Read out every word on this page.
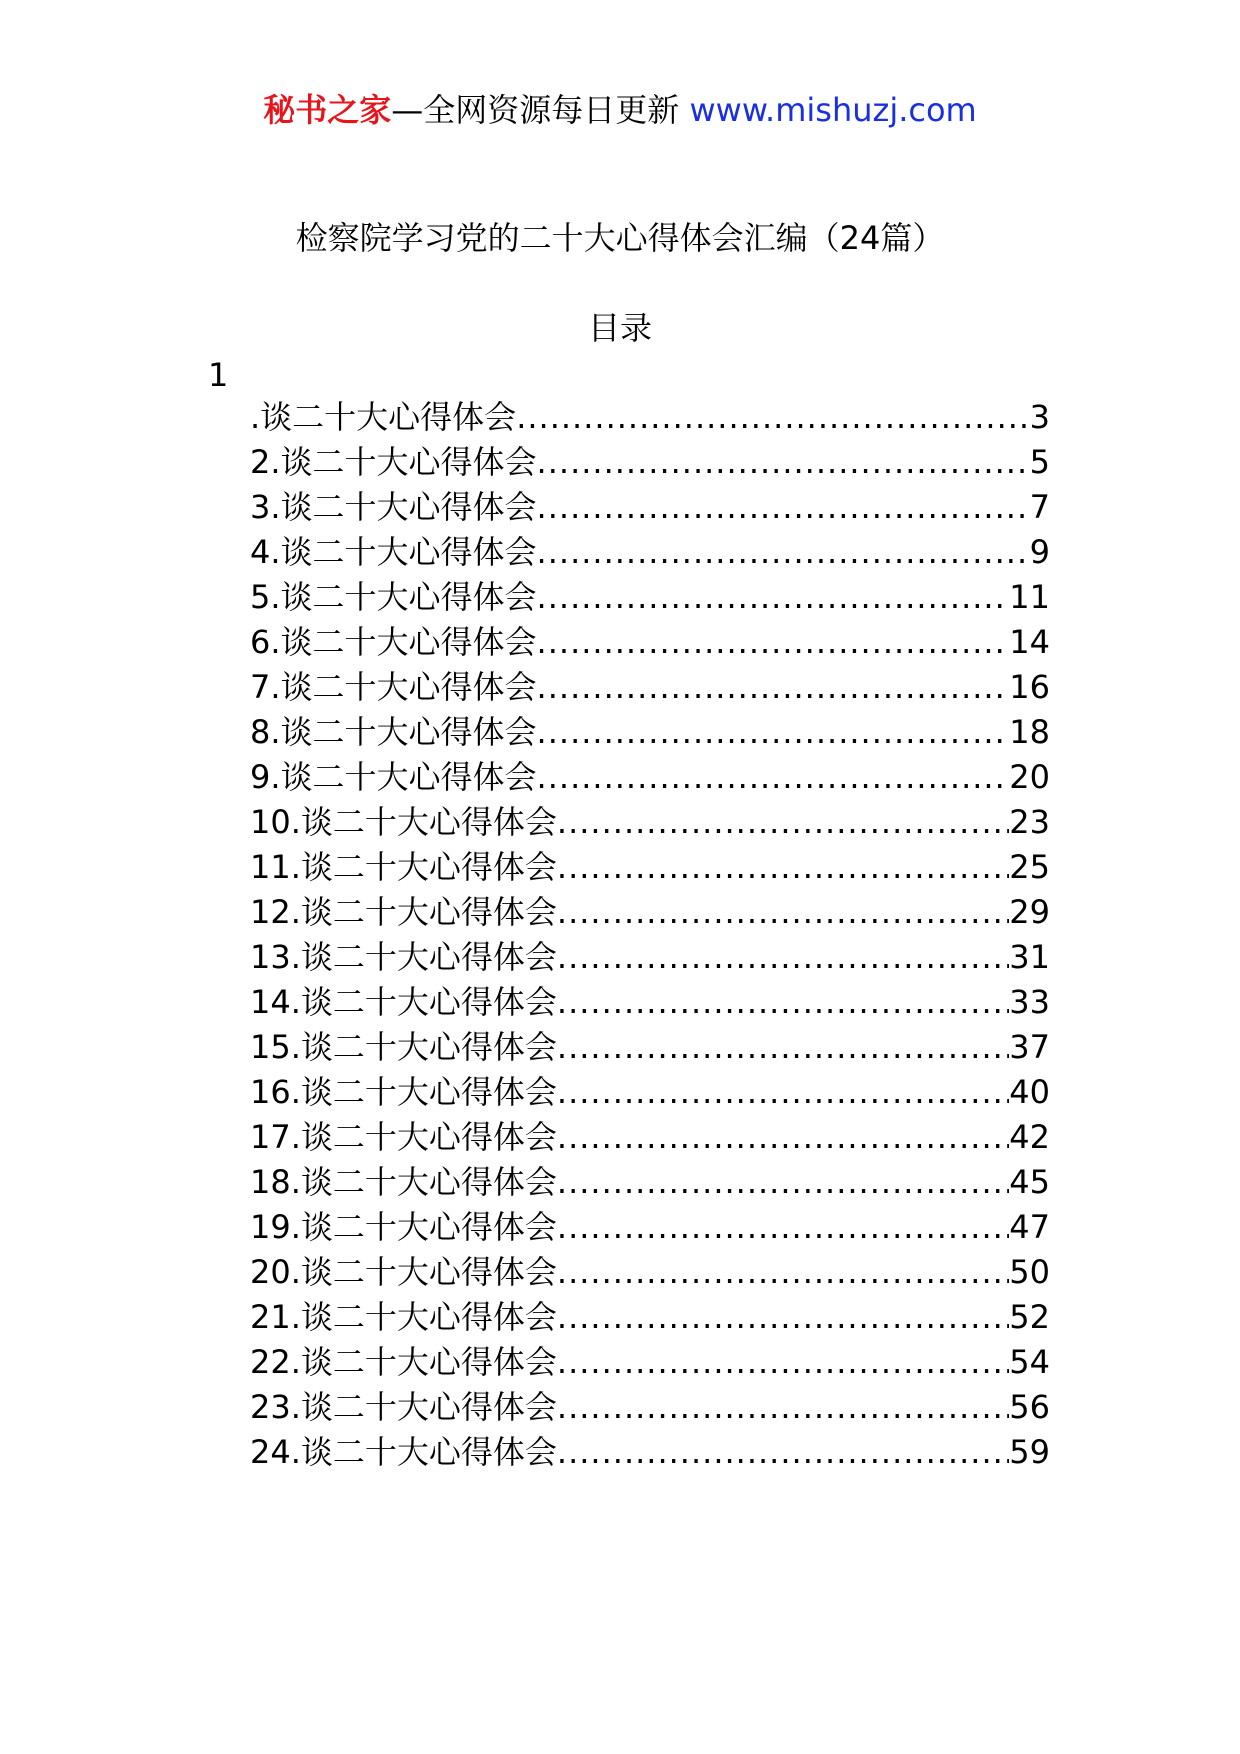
秘书之家—全网资源每日更新 www.mishuzj.com
检察院学习党的二十大心得体会汇编（24篇）
目录
1
.谈二十大心得体会 .....	3
2.谈二十大心得体会 .....	5
3.谈二十大心得体会 .....	7
4.谈二十大心得体会 .....	9
5.谈二十大心得体会 .....	11
6.谈二十大心得体会 .....	14
7.谈二十大心得体会 .....	16
8.谈二十大心得体会 .....	18
9.谈二十大心得体会 .....	20
10.谈二十大心得体会 .....	23
11.谈二十大心得体会 .....	25
12.谈二十大心得体会 .....	29
13.谈二十大心得体会 .....	31
14.谈二十大心得体会 .....	33
15.谈二十大心得体会 .....	37
16.谈二十大心得体会 .....	40
17.谈二十大心得体会 .....	42
18.谈二十大心得体会 .....	45
19.谈二十大心得体会 .....	47
20.谈二十大心得体会 .....	50
21.谈二十大心得体会 .....	52
22.谈二十大心得体会 .....	54
23.谈二十大心得体会 .....	56
24.谈二十大心得体会 .....	59
